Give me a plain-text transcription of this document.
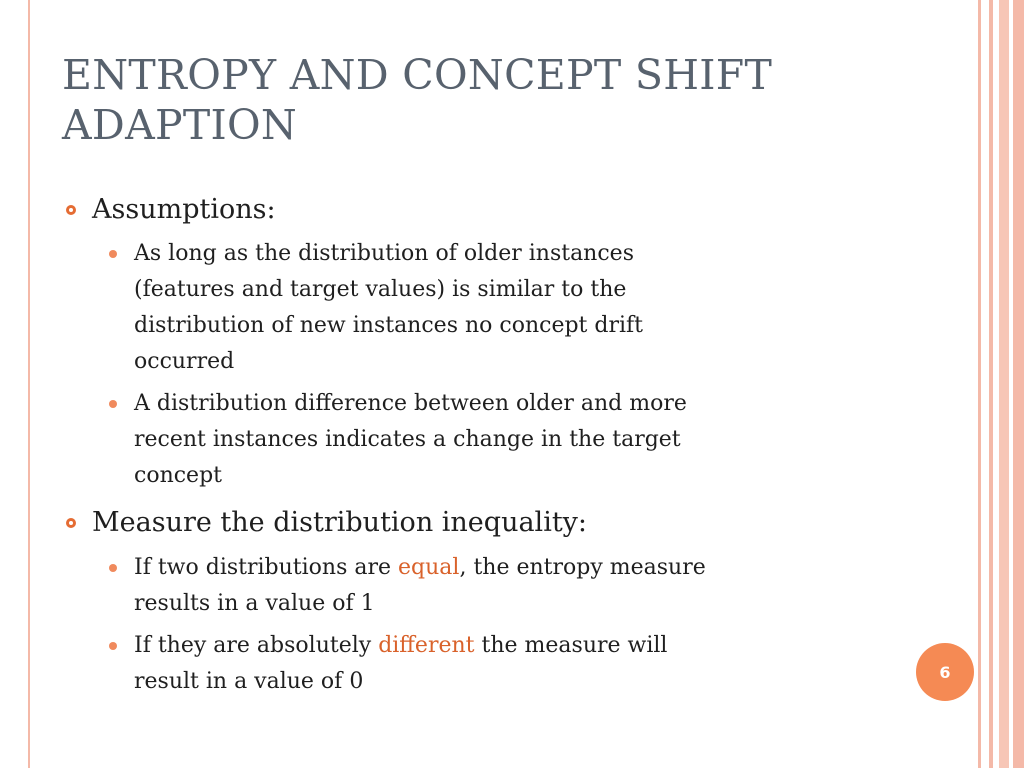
ENTROPY AND CONCEPT SHIFT
ADAPTION
Assumptions:
As long as the distribution of older instances
(features and target values) is similar to the
distribution of new instances no concept drift
occurred
A distribution difference between older and more
recent instances indicates a change in the target
concept
Measure the distribution inequality:
If two distributions are equal, the entropy measure
results in a value of 1
If they are absolutely different the measure will
result in a value of 0	6
